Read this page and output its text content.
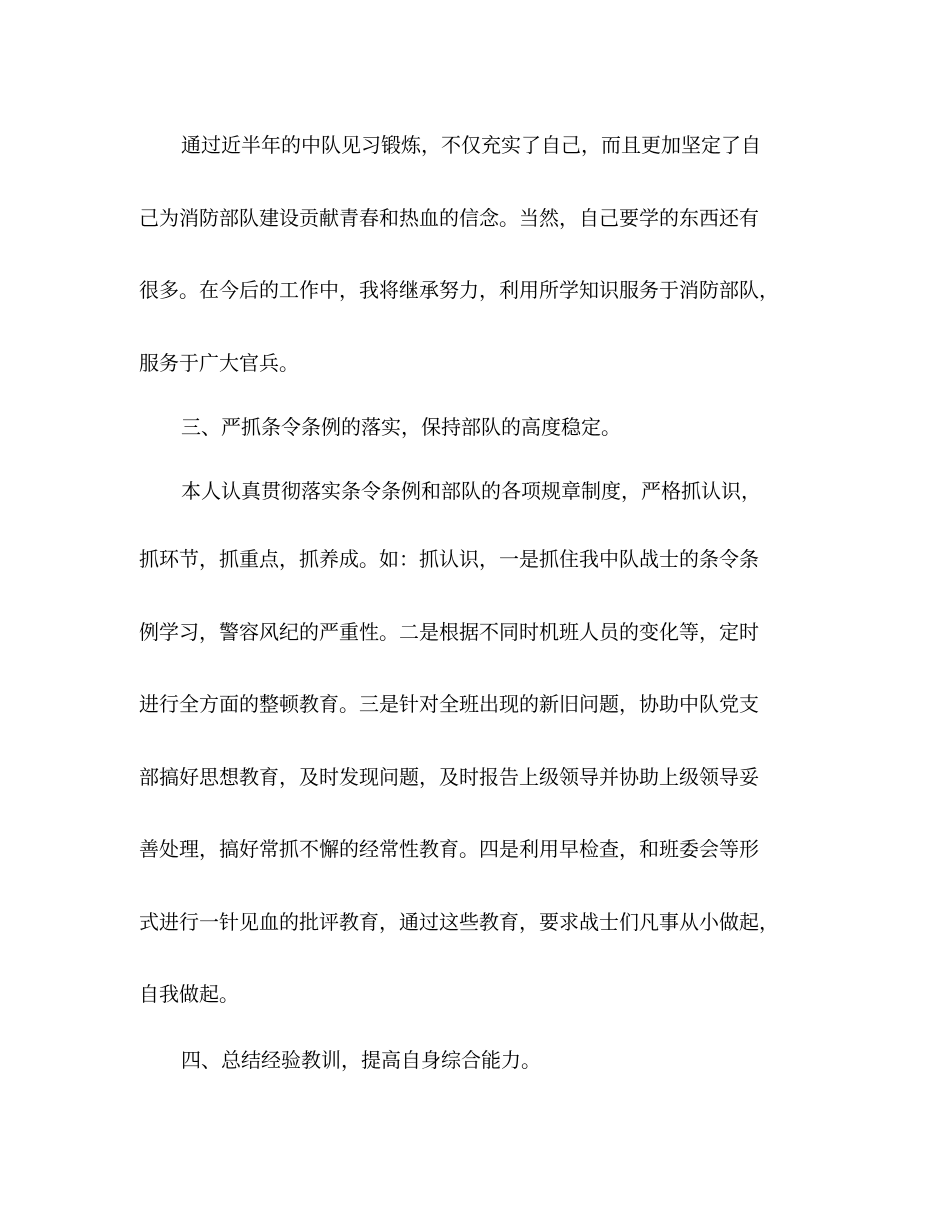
通过近半年的中队见习锻炼，不仅充实了自己，而且更加坚定了自
己为消防部队建设贡献青春和热血的信念。当然，自己要学的东西还有
很多。在今后的工作中，我将继承努力，利用所学知识服务于消防部队，
服务于广大官兵。
三、严抓条令条例的落实，保持部队的高度稳定。
本人认真贯彻落实条令条例和部队的各项规章制度，严格抓认识，
抓环节，抓重点，抓养成。如：抓认识，一是抓住我中队战士的条令条
例学习，警容风纪的严重性。二是根据不同时机班人员的变化等，定时
进行全方面的整顿教育。三是针对全班出现的新旧问题，协助中队党支
部搞好思想教育，及时发现问题，及时报告上级领导并协助上级领导妥
善处理，搞好常抓不懈的经常性教育。四是利用早检查，和班委会等形
式进行一针见血的批评教育，通过这些教育，要求战士们凡事从小做起，
自我做起。
四、总结经验教训，提高自身综合能力。
